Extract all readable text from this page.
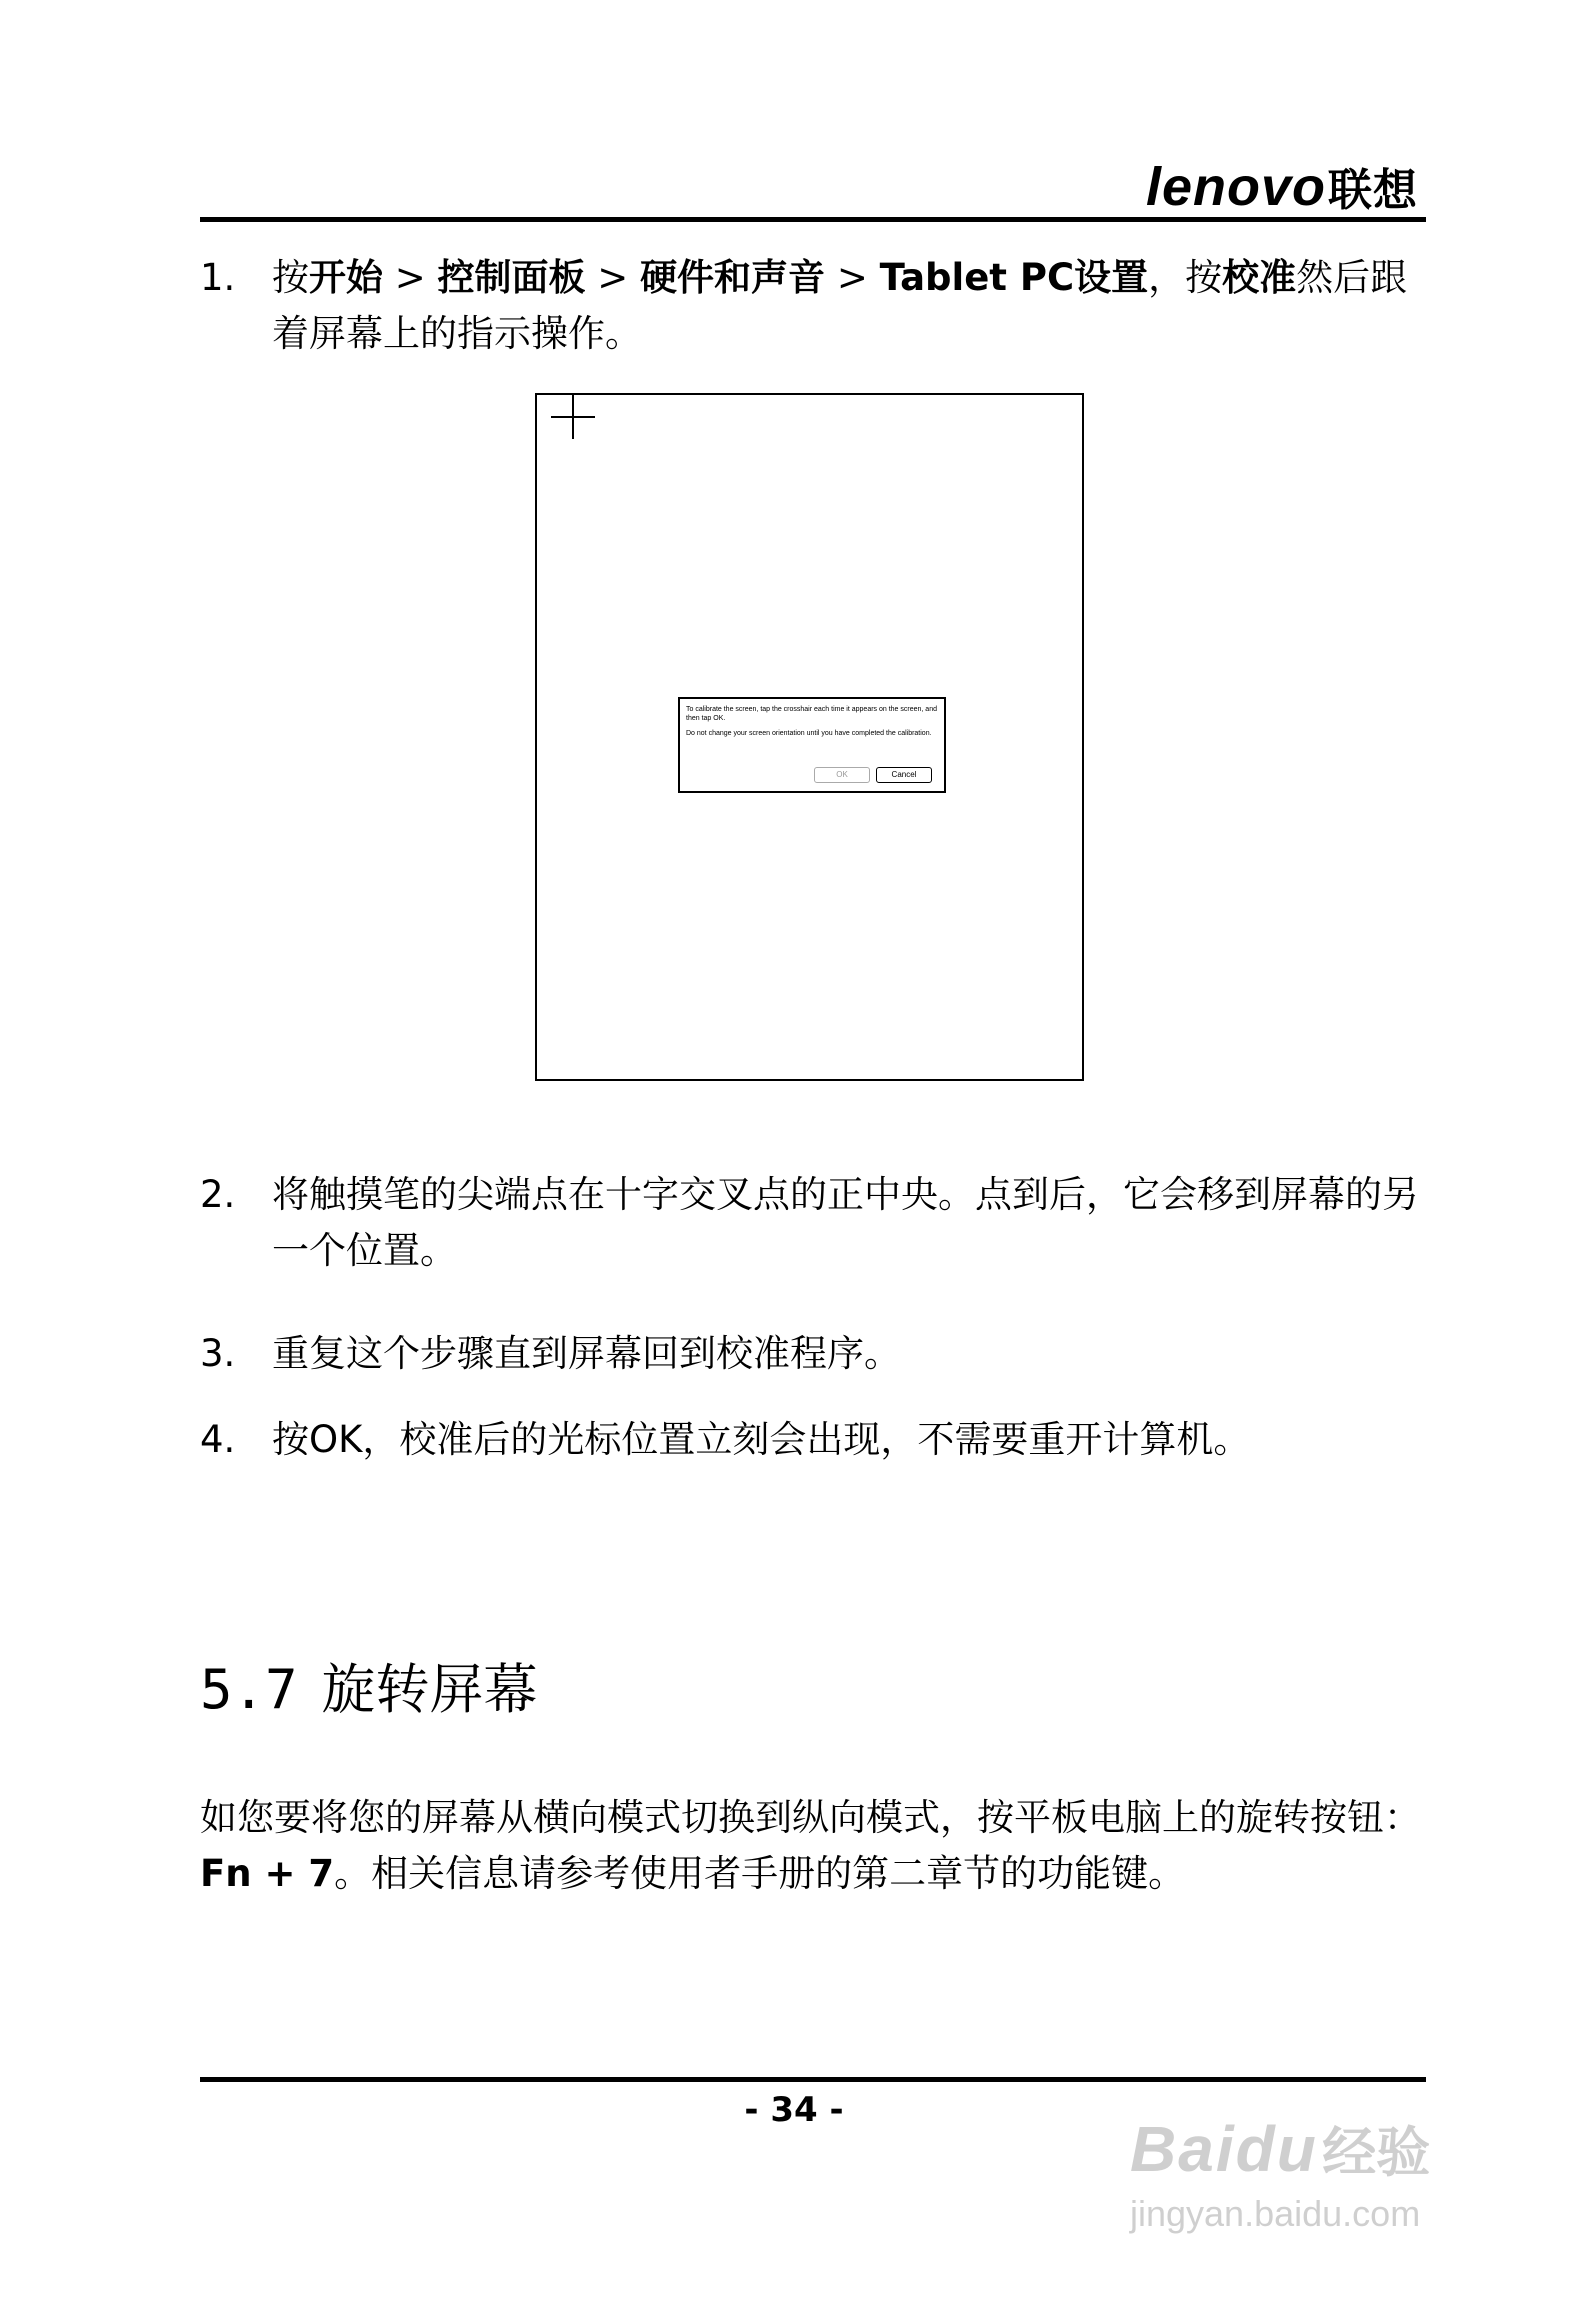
lenovo联想
1. 按开始 > 控制面板 > 硬件和声音 > Tablet PC设置，按校准然后跟着屏幕上的指示操作。

To calibrate the screen, tap the crosshair each time it appears on the screen, and then tap OK.

Do not change your screen orientation until you have completed the calibration.

OK	Cancel
2. 将触摸笔的尖端点在十字交叉点的正中央。点到后，它会移到屏幕的另一个位置。
3. 重复这个步骤直到屏幕回到校准程序。
4. 按OK，校准后的光标位置立刻会出现，不需要重开计算机。
5.7 旋转屏幕
如您要将您的屏幕从横向模式切换到纵向模式，按平板电脑上的旋转按钮：Fn + 7。相关信息请参考使用者手册的第二章节的功能键。
- 34 -
Baidu 经验
jingyan.baidu.com
